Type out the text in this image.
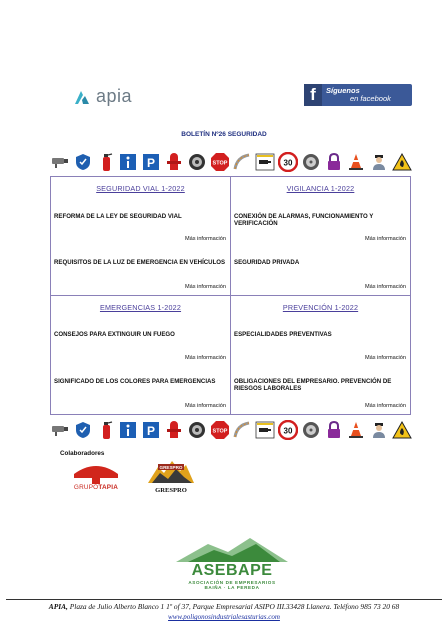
apia	f	Síguenos
en facebook
BOLETÍN Nº26 SEGURIDAD
P	STOP	30
SEGURIDAD VIAL 1-2022
REFORMA DE LA LEY DE SEGURIDAD VIAL
Más información
REQUISITOS DE LA LUZ DE EMERGENCIA EN VEHÍCULOS
Más información
VIGILANCIA 1-2022
CONEXIÓN DE ALARMAS, FUNCIONAMIENTO Y VERIFICACIÓN
Más información
SEGURIDAD PRIVADA
Más información
EMERGENCIAS 1-2022
CONSEJOS PARA EXTINGUIR UN FUEGO
Más información
SIGNIFICADO DE LOS COLORES PARA EMERGENCIAS
Más información
PREVENCIÓN 1-2022
ESPECIALIDADES PREVENTIVAS
Más información
OBLIGACIONES DEL EMPRESARIO. PREVENCIÓN DE RIESGOS LABORALES
Más información
P	STOP	30
Colaboradores
GRUPOTAPIA
GRESPRO
GRESPRO
ASEBAPE
ASOCIACIÓN DE EMPRESARIOS
BAIÑA · LA PEREDA
APIA, Plaza de Julio Alberto Blanco 1 1º of 37, Parque Empresarial ASIPO III.33428 Llanera. Teléfono 985 73 20 68
www.poligonosindustrialesasturias.com
